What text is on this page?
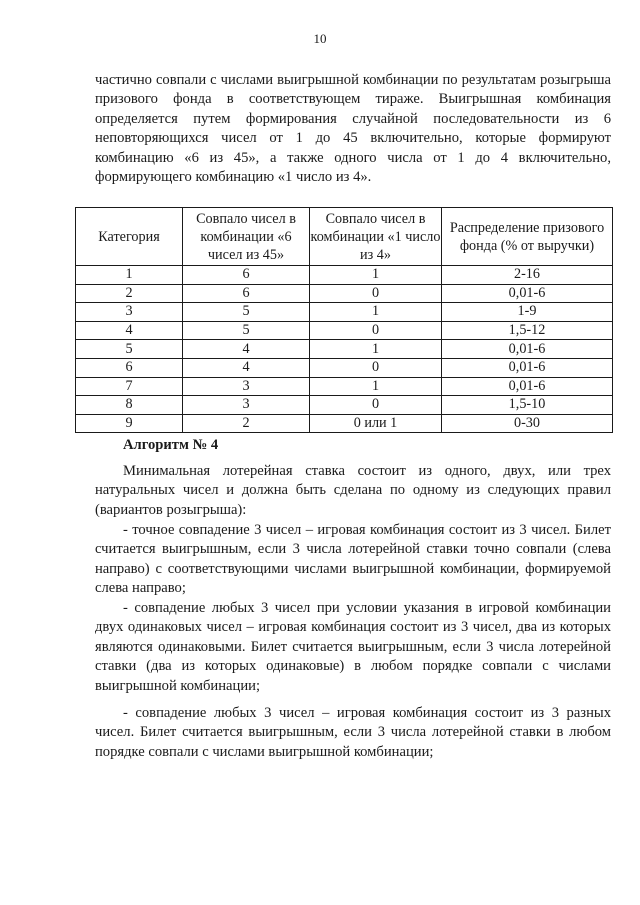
10

частично совпали с числами выигрышной комбинации по результатам розыгрыша призового фонда в соответствующем тираже. Выигрышная комбинация определяется путем формирования случайной последовательности из 6 неповторяющихся чисел от 1 до 45 включительно, которые формируют комбинацию «6 из 45», а также одного числа от 1 до 4 включительно, формирующего комбинацию «1 число из 4».

Категория	Совпало чисел в комбинации «6 чисел из 45»	Совпало чисел в комбинации «1 число из 4»	Распределение призового фонда (% от выручки)
1	6	1	2-16
2	6	0	0,01-6
3	5	1	1-9
4	5	0	1,5-12
5	4	1	0,01-6
6	4	0	0,01-6
7	3	1	0,01-6
8	3	0	1,5-10
9	2	0 или 1	0-30
Алгоритм № 4

Минимальная лотерейная ставка состоит из одного, двух, или трех натуральных чисел и должна быть сделана по одному из следующих правил (вариантов розыгрыша):

- точное совпадение 3 чисел – игровая комбинация состоит из 3 чисел. Билет считается выигрышным, если 3 числа лотерейной ставки точно совпали (слева направо) с соответствующими числами выигрышной комбинации, формируемой слева направо;

- совпадение любых 3 чисел при условии указания в игровой комбинации двух одинаковых чисел – игровая комбинация состоит из 3 чисел, два из которых являются одинаковыми. Билет считается выигрышным, если 3 числа лотерейной ставки (два из которых одинаковые) в любом порядке совпали с числами выигрышной комбинации;

- совпадение любых 3 чисел – игровая комбинация состоит из 3 разных чисел. Билет считается выигрышным, если 3 числа лотерейной ставки в любом порядке совпали с числами выигрышной комбинации;
